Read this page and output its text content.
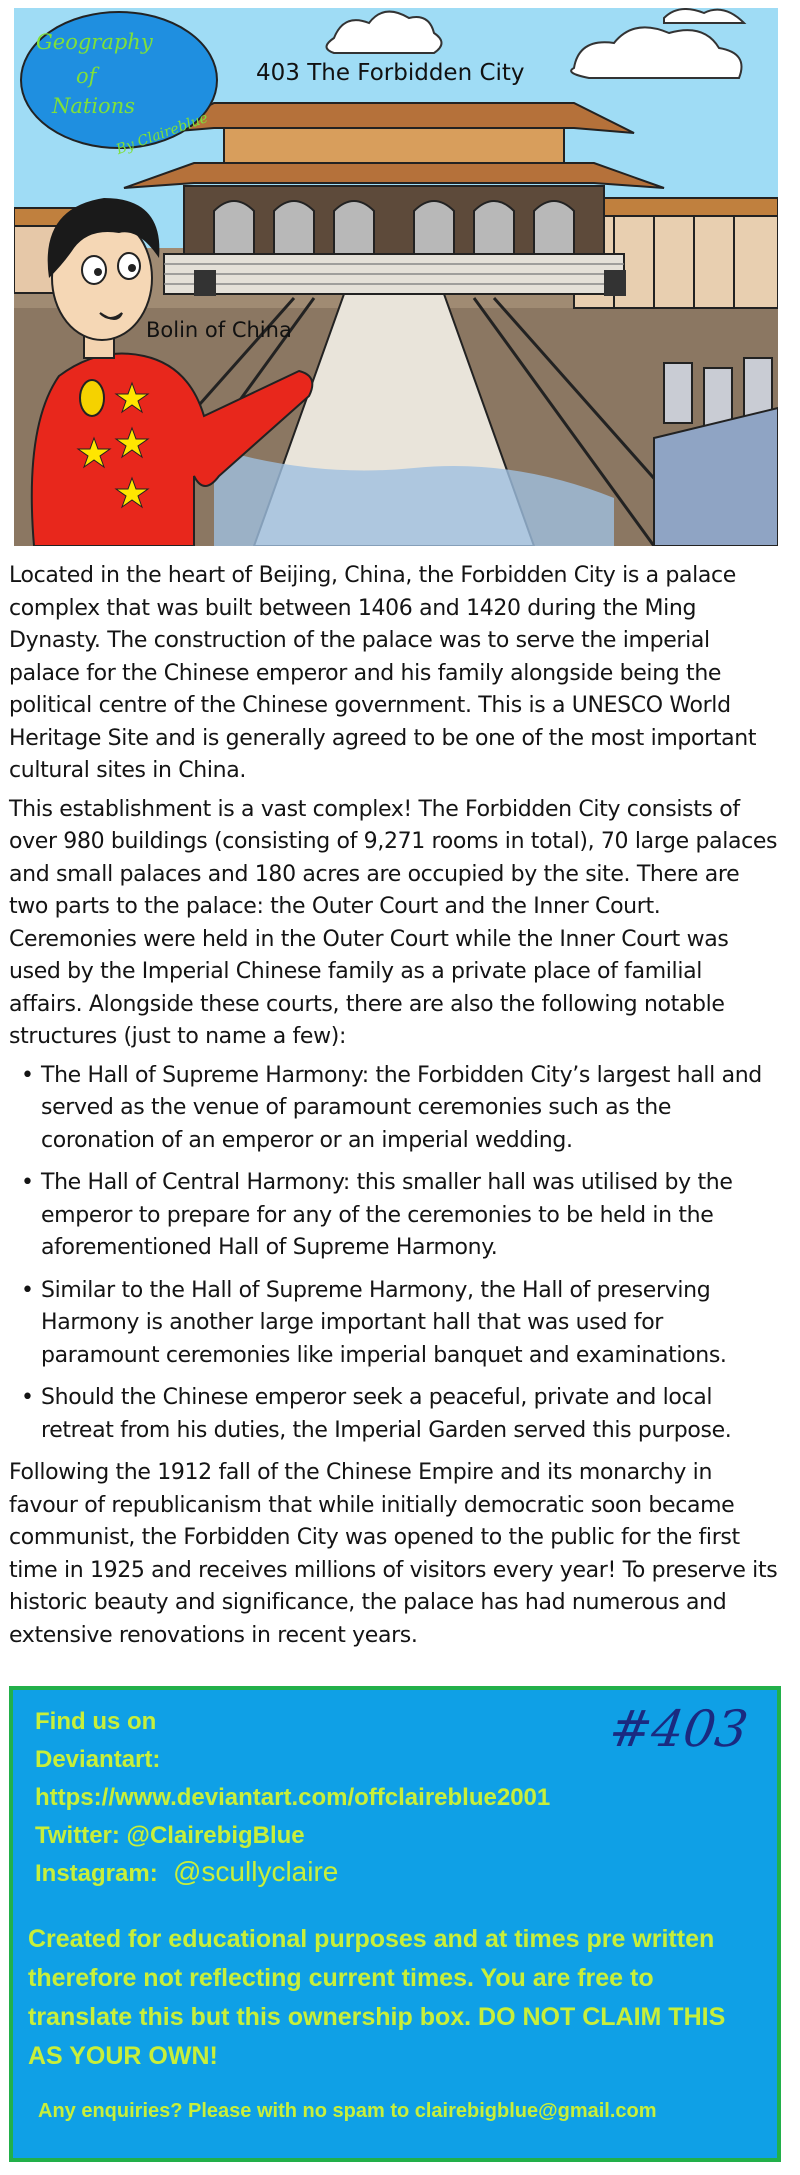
Geography
of
Nations
By Claireblue
403 The Forbidden City
Bolin of China

Located in the heart of Beijing, China, the Forbidden City is a palace complex that was built between 1406 and 1420 during the Ming Dynasty. The construction of the palace was to serve the imperial palace for the Chinese emperor and his family alongside being the political centre of the Chinese government. This is a UNESCO World Heritage Site and is generally agreed to be one of the most important cultural sites in China.

This establishment is a vast complex! The Forbidden City consists of over 980 buildings (consisting of 9,271 rooms in total), 70 large palaces and small palaces and 180 acres are occupied by the site. There are two parts to the palace: the Outer Court and the Inner Court. Ceremonies were held in the Outer Court while the Inner Court was used by the Imperial Chinese family as a private place of familial affairs. Alongside these courts, there are also the following notable structures (just to name a few):

• The Hall of Supreme Harmony: the Forbidden City’s largest hall and served as the venue of paramount ceremonies such as the coronation of an emperor or an imperial wedding.
• The Hall of Central Harmony: this smaller hall was utilised by the emperor to prepare for any of the ceremonies to be held in the aforementioned Hall of Supreme Harmony.
• Similar to the Hall of Supreme Harmony, the Hall of preserving Harmony is another large important hall that was used for paramount ceremonies like imperial banquet and examinations.
• Should the Chinese emperor seek a peaceful, private and local retreat from his duties, the Imperial Garden served this purpose.

Following the 1912 fall of the Chinese Empire and its monarchy in favour of republicanism that while initially democratic soon became communist, the Forbidden City was opened to the public for the first time in 1925 and receives millions of visitors every year! To preserve its historic beauty and significance, the palace has had numerous and extensive renovations in recent years.

Find us on
Deviantart:
https://www.deviantart.com/offclaireblue2001
Twitter: @ClairebigBlue
Instagram: @scullyclaire
#403
Created for educational purposes and at times pre written therefore not reflecting current times. You are free to translate this but this ownership box. DO NOT CLAIM THIS AS YOUR OWN!
Any enquiries? Please with no spam to clairebigblue@gmail.com
